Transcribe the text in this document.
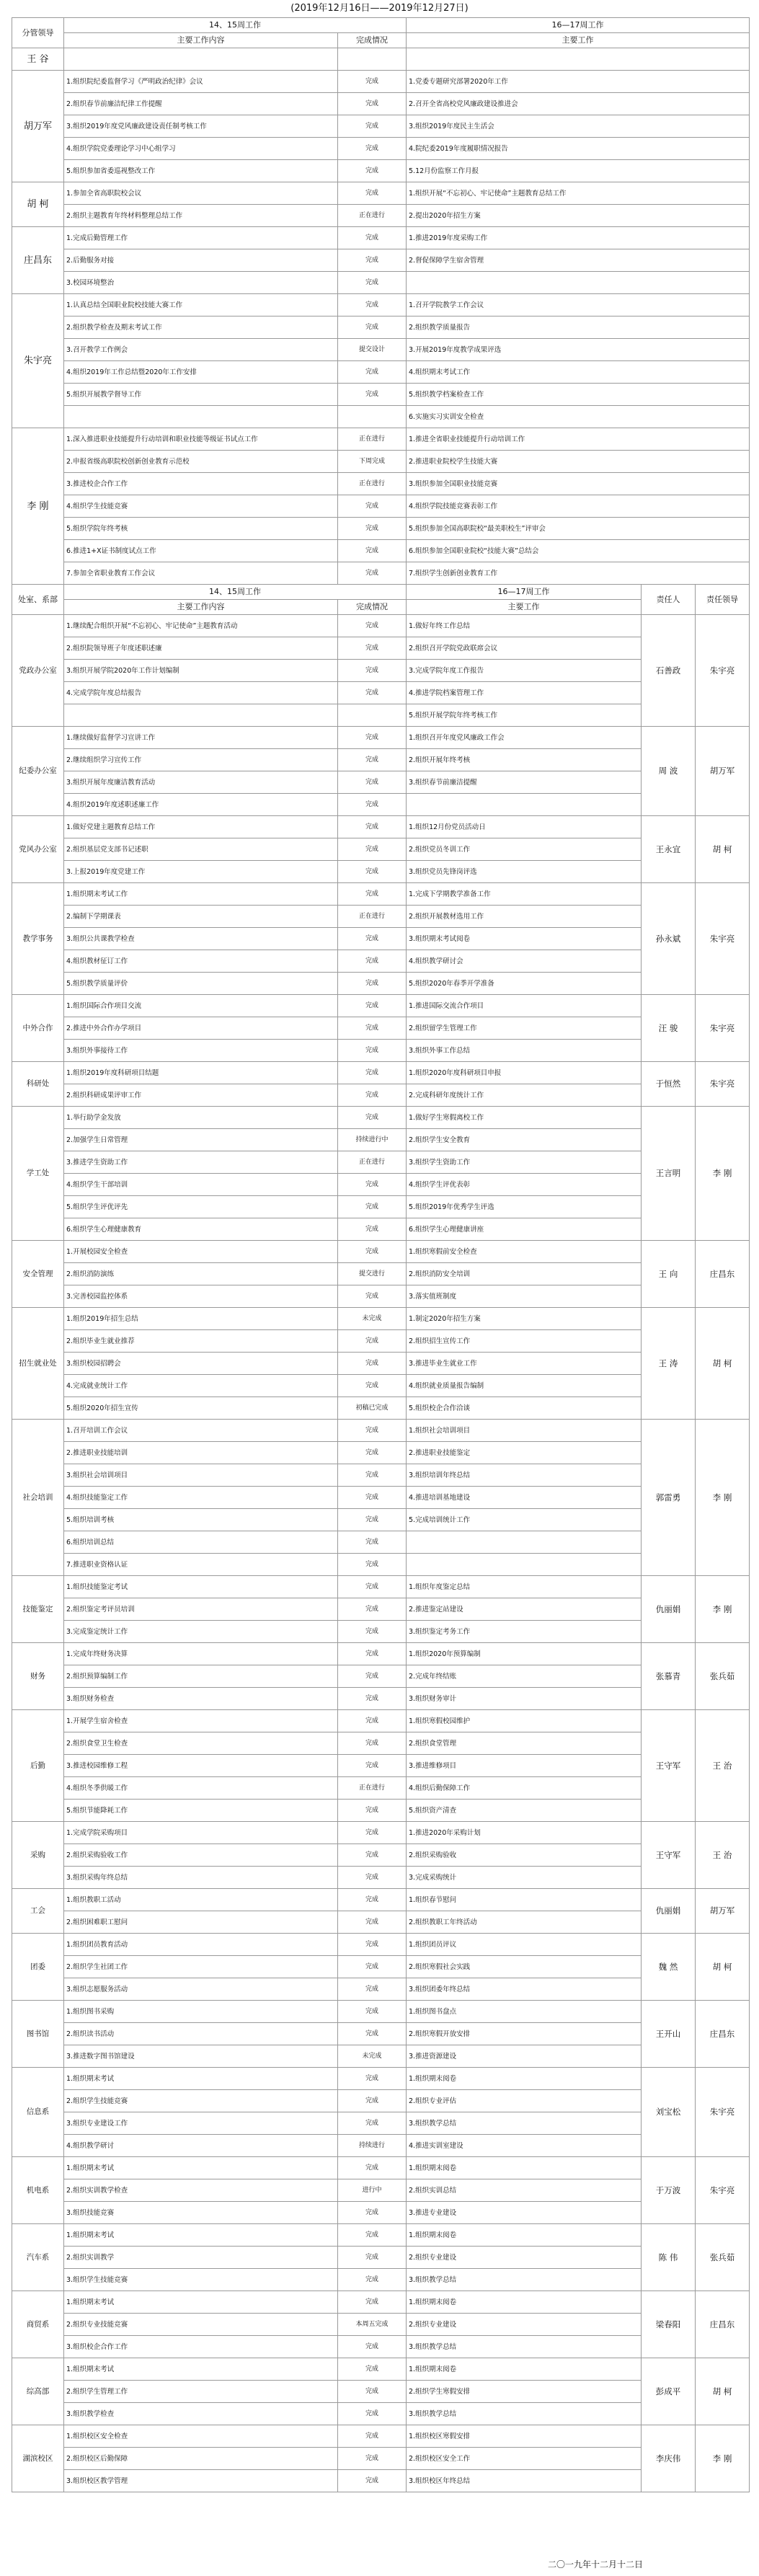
(2019年12月16日——2019年12月27日)
分管领导	14、15周工作		16—17周工作		
	主要工作内容	完成情况	主要工作		
王 谷					
胡万军	1.组织院纪委监督学习《严明政治纪律》会议	完成	1.党委专题研究部署2020年工作		
	2.组织春节前廉洁纪律工作提醒	完成	2.召开全省高校党风廉政建设推进会		
	3.组织2019年度党风廉政建设责任制考核工作	完成	3.组织2019年度民主生活会		
	4.组织学院党委理论学习中心组学习	完成	4.院纪委2019年度履职情况报告		
	5.组织参加省委巡视整改工作	完成	5.12月份监察工作月报		
胡 柯	1.参加全省高职院校会议	完成	1.组织开展“不忘初心、牢记使命”主题教育总结工作		
	2.组织主题教育年终材料整理总结工作	正在进行	2.提出2020年招生方案		
庄昌东	1.完成后勤管理工作	完成	1.推进2019年度采购工作		
	2.后勤服务对接	完成	2.督促保障学生宿舍管理		
	3.校园环境整治	完成			
朱宇亮	1.认真总结全国职业院校技能大赛工作	完成	1.召开学院教学工作会议		
	2.组织教学检查及期末考试工作	完成	2.组织教学质量报告		
	3.召开教学工作例会	提交设计	3.开展2019年度教学成果评选		
	4.组织2019年工作总结暨2020年工作安排	完成	4.组织期末考试工作		
	5.组织开展教学督导工作	完成	5.组织教学档案检查工作		
			6.实施实习实训安全检查		
李 刚	1.深入推进职业技能提升行动培训和职业技能等级证书试点工作	正在进行	1.推进全省职业技能提升行动培训工作		
	2.申报省级高职院校创新创业教育示范校	下周完成	2.推进职业院校学生技能大赛		
	3.推进校企合作工作	正在进行	3.组织参加全国职业技能竞赛		
	4.组织学生技能竞赛	完成	4.组织学院技能竞赛表彰工作		
	5.组织学院年终考核	完成	5.组织参加全国高职院校“最美职校生”评审会		
	6.推进1+X证书制度试点工作	完成	6.组织参加全国职业院校“技能大赛”总结会		
	7.参加全省职业教育工作会议	完成	7.组织学生创新创业教育工作		
处室、系部	14、15周工作		16—17周工作	责任人	责任领导
	主要工作内容	完成情况	主要工作		
党政办公室	1.继续配合组织开展“不忘初心、牢记使命”主题教育活动	完成	1.做好年终工作总结	石善政	朱宇亮
	2.组织院领导班子年度述职述廉	完成	2.组织召开学院党政联席会议		
	3.组织开展学院2020年工作计划编制	完成	3.完成学院年度工作报告		
	4.完成学院年度总结报告	完成	4.推进学院档案管理工作		
			5.组织开展学院年终考核工作		
纪委办公室	1.继续做好监督学习宣讲工作	完成	1.组织召开年度党风廉政工作会	周 波	胡万军
	2.继续组织学习宣传工作	完成	2.组织开展年终考核		
	3.组织开展年度廉洁教育活动	完成	3.组织春节前廉洁提醒		
	4.组织2019年度述职述廉工作	完成			
党风办公室	1.做好党建主题教育总结工作	完成	1.组织12月份党员活动日	王永宜	胡 柯
	2.组织基层党支部书记述职	完成	2.组织党员冬训工作		
	3.上报2019年度党建工作	完成	3.组织党员先锋岗评选		
教学事务	1.组织期末考试工作	完成	1.完成下学期教学准备工作	孙永斌	朱宇亮
	2.编制下学期课表	正在进行	2.组织开展教材选用工作		
	3.组织公共课教学检查	完成	3.组织期末考试阅卷		
	4.组织教材征订工作	完成	4.组织教学研讨会		
	5.组织教学质量评价	完成	5.组织2020年春季开学准备		
中外合作	1.组织国际合作项目交流	完成	1.推进国际交流合作项目	汪 骏	朱宇亮
	2.推进中外合作办学项目	完成	2.组织留学生管理工作		
	3.组织外事接待工作	完成	3.组织外事工作总结		
科研处	1.组织2019年度科研项目结题	完成	1.组织2020年度科研项目申报	于恒然	朱宇亮
	2.组织科研成果评审工作	完成	2.完成科研年度统计工作		
学工处	1.举行助学金发放	完成	1.做好学生寒假离校工作	王言明	李 刚
	2.加强学生日常管理	持续进行中	2.组织学生安全教育		
	3.推进学生资助工作	正在进行	3.组织学生资助工作		
	4.组织学生干部培训	完成	4.组织学生评优表彰		
	5.组织学生评优评先	完成	5.组织2019年优秀学生评选		
	6.组织学生心理健康教育	完成	6.组织学生心理健康讲座		
安全管理	1.开展校园安全检查	完成	1.组织寒假前安全检查	王 向	庄昌东
	2.组织消防演练	提交进行	2.组织消防安全培训		
	3.完善校园监控体系	完成	3.落实值班制度		
招生就业处	1.组织2019年招生总结	未完成	1.制定2020年招生方案	王 涛	胡 柯
	2.组织毕业生就业推荐	完成	2.组织招生宣传工作		
	3.组织校园招聘会	完成	3.推进毕业生就业工作		
	4.完成就业统计工作	完成	4.组织就业质量报告编制		
	5.组织2020年招生宣传	初稿已完成	5.组织校企合作洽谈		
社会培训	1.召开培训工作会议	完成	1.组织社会培训项目	郭雷勇	李 刚
	2.推进职业技能培训	完成	2.推进职业技能鉴定		
	3.组织社会培训项目	完成	3.组织培训年终总结		
	4.组织技能鉴定工作	完成	4.推进培训基地建设		
	5.组织培训考核	完成	5.完成培训统计工作		
	6.组织培训总结	完成			
	7.推进职业资格认证	完成			
技能鉴定	1.组织技能鉴定考试	完成	1.组织年度鉴定总结	仇丽娟	李 刚
	2.组织鉴定考评员培训	完成	2.推进鉴定站建设		
	3.完成鉴定统计工作	完成	3.组织鉴定考务工作		
财务	1.完成年终财务决算	完成	1.组织2020年预算编制	张慕青	张兵茹
	2.组织预算编制工作	完成	2.完成年终结账		
	3.组织财务检查	完成	3.组织财务审计		
后勤	1.开展学生宿舍检查	完成	1.组织寒假校园维护	王守军	王 治
	2.组织食堂卫生检查	完成	2.组织食堂管理		
	3.推进校园维修工程	完成	3.推进维修项目		
	4.组织冬季供暖工作	正在进行	4.组织后勤保障工作		
	5.组织节能降耗工作	完成	5.组织资产清查		
采购	1.完成学院采购项目	完成	1.推进2020年采购计划	王守军	王 治
	2.组织采购验收工作	完成	2.组织采购验收		
	3.组织采购年终总结	完成	3.完成采购统计		
工会	1.组织教职工活动	完成	1.组织春节慰问	仇丽娟	胡万军
	2.组织困难职工慰问	完成	2.组织教职工年终活动		
团委	1.组织团员教育活动	完成	1.组织团员评议	魏 然	胡 柯
	2.组织学生社团工作	完成	2.组织寒假社会实践		
	3.组织志愿服务活动	完成	3.组织团委年终总结		
图书馆	1.组织图书采购	完成	1.组织图书盘点	王开山	庄昌东
	2.组织读书活动	完成	2.组织寒假开放安排		
	3.推进数字图书馆建设	未完成	3.推进资源建设		
信息系	1.组织期末考试	完成	1.组织期末阅卷	刘宝松	朱宇亮
	2.组织学生技能竞赛	完成	2.组织专业评估		
	3.组织专业建设工作	完成	3.组织教学总结		
	4.组织教学研讨	持续进行	4.推进实训室建设		
机电系	1.组织期末考试	完成	1.组织期末阅卷	于万波	朱宇亮
	2.组织实训教学检查	进行中	2.组织实训总结		
	3.组织技能竞赛	完成	3.推进专业建设		
汽车系	1.组织期末考试	完成	1.组织期末阅卷	陈 伟	张兵茹
	2.组织实训教学	完成	2.组织专业建设		
	3.组织学生技能竞赛	完成	3.组织教学总结		
商贸系	1.组织期末考试	完成	1.组织期末阅卷	梁春阳	庄昌东
	2.组织专业技能竞赛	本周五完成	2.组织专业建设		
	3.组织校企合作工作	完成	3.组织教学总结		
综高部	1.组织期末考试	完成	1.组织期末阅卷	彭成平	胡 柯
	2.组织学生管理工作	完成	2.组织学生寒假安排		
	3.组织教学检查	完成	3.组织教学总结		
湖滨校区	1.组织校区安全检查	完成	1.组织校区寒假安排	李庆伟	李 刚
	2.组织校区后勤保障	完成	2.组织校区安全工作		
	3.组织校区教学管理	完成	3.组织校区年终总结		
二〇一九年十二月十二日
